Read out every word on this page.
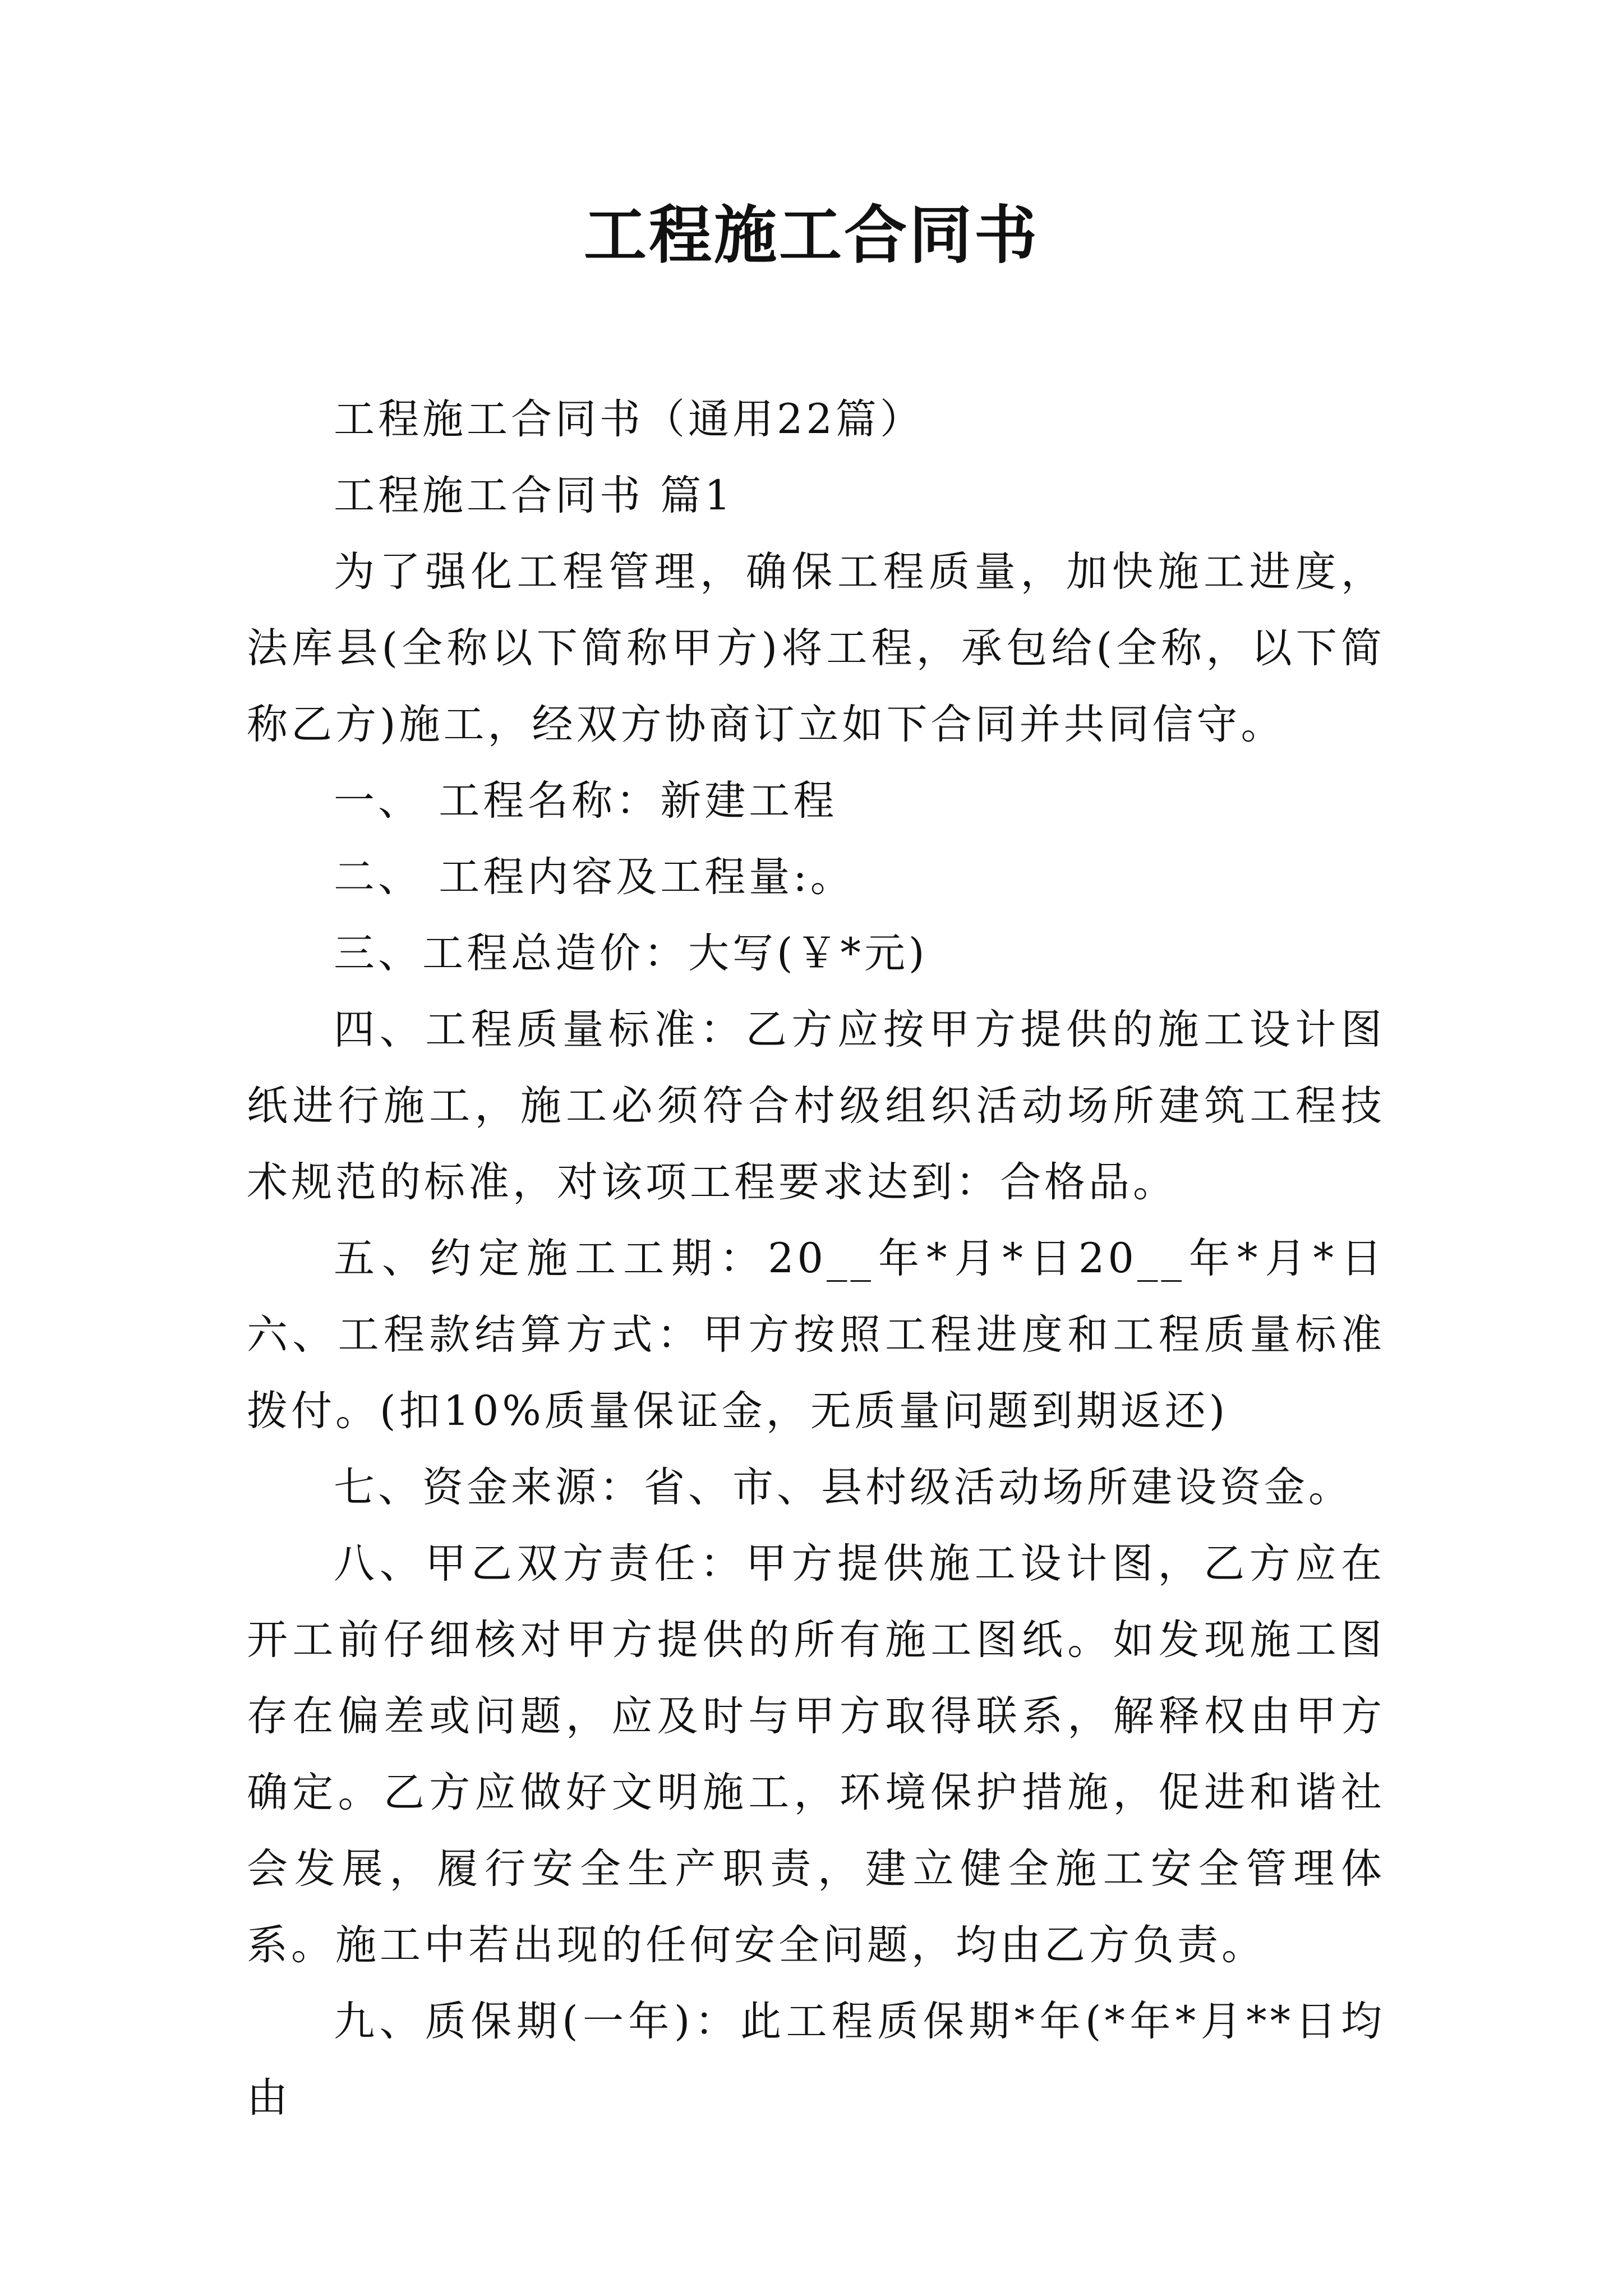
工程施工合同书

工程施工合同书（通用22篇）

工程施工合同书 篇1

为了强化工程管理，确保工程质量，加快施工进度，法库县(全称以下简称甲方)将工程，承包给(全称，以下简称乙方)施工，经双方协商订立如下合同并共同信守。

一、 工程名称：新建工程

二、 工程内容及工程量:。

三、工程总造价：大写(￥*元)

四、工程质量标准：乙方应按甲方提供的施工设计图纸进行施工，施工必须符合村级组织活动场所建筑工程技术规范的标准，对该项工程要求达到：合格品。

五、约定施工工期：20__年*月*日20__年*月*日 六、工程款结算方式：甲方按照工程进度和工程质量标准拨付。(扣10%质量保证金，无质量问题到期返还)

七、资金来源：省、市、县村级活动场所建设资金。

八、甲乙双方责任：甲方提供施工设计图，乙方应在开工前仔细核对甲方提供的所有施工图纸。如发现施工图存在偏差或问题，应及时与甲方取得联系，解释权由甲方确定。乙方应做好文明施工，环境保护措施，促进和谐社会发展，履行安全生产职责，建立健全施工安全管理体系。施工中若出现的任何安全问题，均由乙方负责。

九、质保期(一年)：此工程质保期*年(*年*月**日均由
